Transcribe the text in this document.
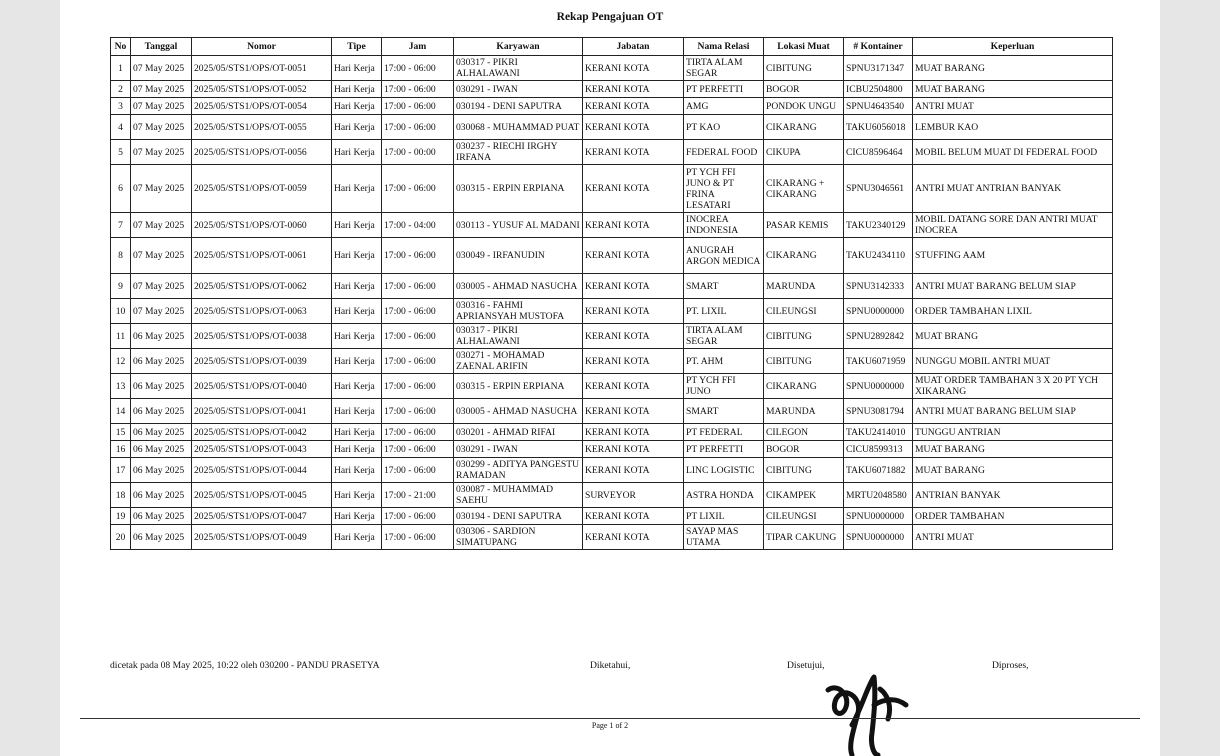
Rekap Pengajuan OT
No	Tanggal	Nomor	Tipe	Jam	Karyawan	Jabatan	Nama Relasi	Lokasi Muat	# Kontainer	Keperluan
1	07 May 2025	2025/05/STS1/OPS/OT-0051	Hari Kerja	17:00 - 06:00	030317 - PIKRI ALHALAWANI	KERANI KOTA	TIRTA ALAM SEGAR	CIBITUNG	SPNU3171347	MUAT BARANG
2	07 May 2025	2025/05/STS1/OPS/OT-0052	Hari Kerja	17:00 - 06:00	030291 - IWAN	KERANI KOTA	PT PERFETTI	BOGOR	ICBU2504800	MUAT BARANG
3	07 May 2025	2025/05/STS1/OPS/OT-0054	Hari Kerja	17:00 - 06:00	030194 - DENI SAPUTRA	KERANI KOTA	AMG	PONDOK UNGU	SPNU4643540	ANTRI MUAT
4	07 May 2025	2025/05/STS1/OPS/OT-0055	Hari Kerja	17:00 - 06:00	030068 - MUHAMMAD PUAT	KERANI KOTA	PT KAO	CIKARANG	TAKU6056018	LEMBUR KAO
5	07 May 2025	2025/05/STS1/OPS/OT-0056	Hari Kerja	17:00 - 00:00	030237 - RIECHI IRGHY IRFANA	KERANI KOTA	FEDERAL FOOD	CIKUPA	CICU8596464	MOBIL BELUM MUAT DI FEDERAL FOOD
6	07 May 2025	2025/05/STS1/OPS/OT-0059	Hari Kerja	17:00 - 06:00	030315 - ERPIN ERPIANA	KERANI KOTA	PT YCH FFI JUNO & PT FRINA LESATARI	CIKARANG + CIKARANG	SPNU3046561	ANTRI MUAT ANTRIAN BANYAK
7	07 May 2025	2025/05/STS1/OPS/OT-0060	Hari Kerja	17:00 - 04:00	030113 - YUSUF AL MADANI	KERANI KOTA	INOCREA INDONESIA	PASAR KEMIS	TAKU2340129	MOBIL DATANG SORE DAN ANTRI MUAT INOCREA
8	07 May 2025	2025/05/STS1/OPS/OT-0061	Hari Kerja	17:00 - 06:00	030049 - IRFANUDIN	KERANI KOTA	ANUGRAH ARGON MEDICA	CIKARANG	TAKU2434110	STUFFING AAM
9	07 May 2025	2025/05/STS1/OPS/OT-0062	Hari Kerja	17:00 - 06:00	030005 - AHMAD NASUCHA	KERANI KOTA	SMART	MARUNDA	SPNU3142333	ANTRI MUAT BARANG BELUM SIAP
10	07 May 2025	2025/05/STS1/OPS/OT-0063	Hari Kerja	17:00 - 06:00	030316 - FAHMI APRIANSYAH MUSTOFA	KERANI KOTA	PT. LIXIL	CILEUNGSI	SPNU0000000	ORDER TAMBAHAN LIXIL
11	06 May 2025	2025/05/STS1/OPS/OT-0038	Hari Kerja	17:00 - 06:00	030317 - PIKRI ALHALAWANI	KERANI KOTA	TIRTA ALAM SEGAR	CIBITUNG	SPNU2892842	MUAT BRANG
12	06 May 2025	2025/05/STS1/OPS/OT-0039	Hari Kerja	17:00 - 06:00	030271 - MOHAMAD ZAENAL ARIFIN	KERANI KOTA	PT. AHM	CIBITUNG	TAKU6071959	NUNGGU MOBIL ANTRI MUAT
13	06 May 2025	2025/05/STS1/OPS/OT-0040	Hari Kerja	17:00 - 06:00	030315 - ERPIN ERPIANA	KERANI KOTA	PT YCH FFI JUNO	CIKARANG	SPNU0000000	MUAT ORDER TAMBAHAN 3 X 20 PT YCH XIKARANG
14	06 May 2025	2025/05/STS1/OPS/OT-0041	Hari Kerja	17:00 - 06:00	030005 - AHMAD NASUCHA	KERANI KOTA	SMART	MARUNDA	SPNU3081794	ANTRI MUAT BARANG BELUM SIAP
15	06 May 2025	2025/05/STS1/OPS/OT-0042	Hari Kerja	17:00 - 06:00	030201 - AHMAD RIFAI	KERANI KOTA	PT FEDERAL	CILEGON	TAKU2414010	TUNGGU ANTRIAN
16	06 May 2025	2025/05/STS1/OPS/OT-0043	Hari Kerja	17:00 - 06:00	030291 - IWAN	KERANI KOTA	PT PERFETTI	BOGOR	CICU8599313	MUAT BARANG
17	06 May 2025	2025/05/STS1/OPS/OT-0044	Hari Kerja	17:00 - 06:00	030299 - ADITYA PANGESTU RAMADAN	KERANI KOTA	LINC LOGISTIC	CIBITUNG	TAKU6071882	MUAT BARANG
18	06 May 2025	2025/05/STS1/OPS/OT-0045	Hari Kerja	17:00 - 21:00	030087 - MUHAMMAD SAEHU	SURVEYOR	ASTRA HONDA	CIKAMPEK	MRTU2048580	ANTRIAN BANYAK
19	06 May 2025	2025/05/STS1/OPS/OT-0047	Hari Kerja	17:00 - 06:00	030194 - DENI SAPUTRA	KERANI KOTA	PT LIXIL	CILEUNGSI	SPNU0000000	ORDER TAMBAHAN
20	06 May 2025	2025/05/STS1/OPS/OT-0049	Hari Kerja	17:00 - 06:00	030306 - SARDION SIMATUPANG	KERANI KOTA	SAYAP MAS UTAMA	TIPAR CAKUNG	SPNU0000000	ANTRI MUAT
dicetak pada 08 May 2025, 10:22 oleh 030200 - PANDU PRASETYA	Diketahui,	Disetujui,	Diproses,
Page 1 of 2
